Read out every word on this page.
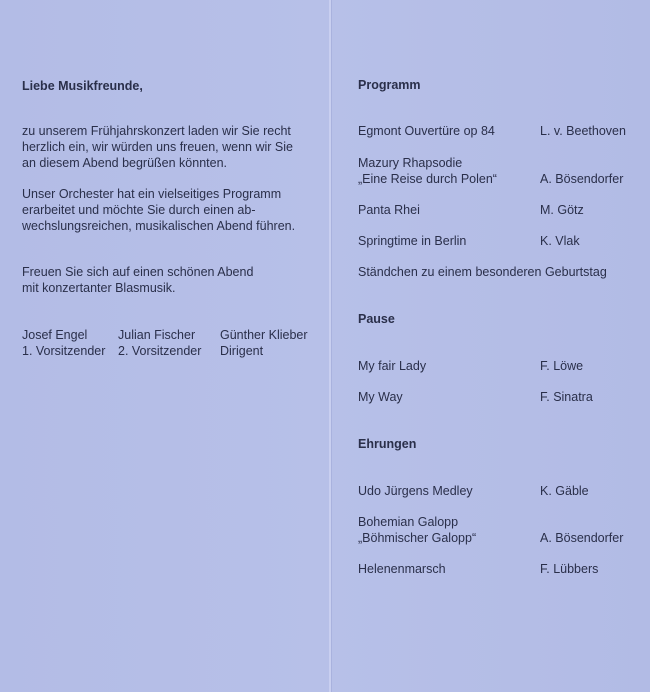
Liebe Musikfreunde,
zu unserem Frühjahrskonzert laden wir Sie recht
herzlich ein, wir würden uns freuen, wenn wir Sie
an diesem Abend begrüßen könnten.
Unser Orchester hat ein vielseitiges Programm
erarbeitet und möchte Sie durch einen ab-
wechslungsreichen, musikalischen Abend führen.
Freuen Sie sich auf einen schönen Abend
mit konzertanter Blasmusik.
Josef Engel
1. Vorsitzender
Julian Fischer
2. Vorsitzender
Günther Klieber
Dirigent
Programm
Egmont Ouvertüre op 84	L. v. Beethoven
Mazury Rhapsodie
„Eine Reise durch Polen“	A. Bösendorfer
Panta Rhei	M. Götz
Springtime in Berlin	K. Vlak
Ständchen zu einem besonderen Geburtstag
Pause
My fair Lady	F. Löwe
My Way	F. Sinatra
Ehrungen
Udo Jürgens Medley	K. Gäble
Bohemian Galopp
„Böhmischer Galopp“	A. Bösendorfer
Helenenmarsch	F. Lübbers
